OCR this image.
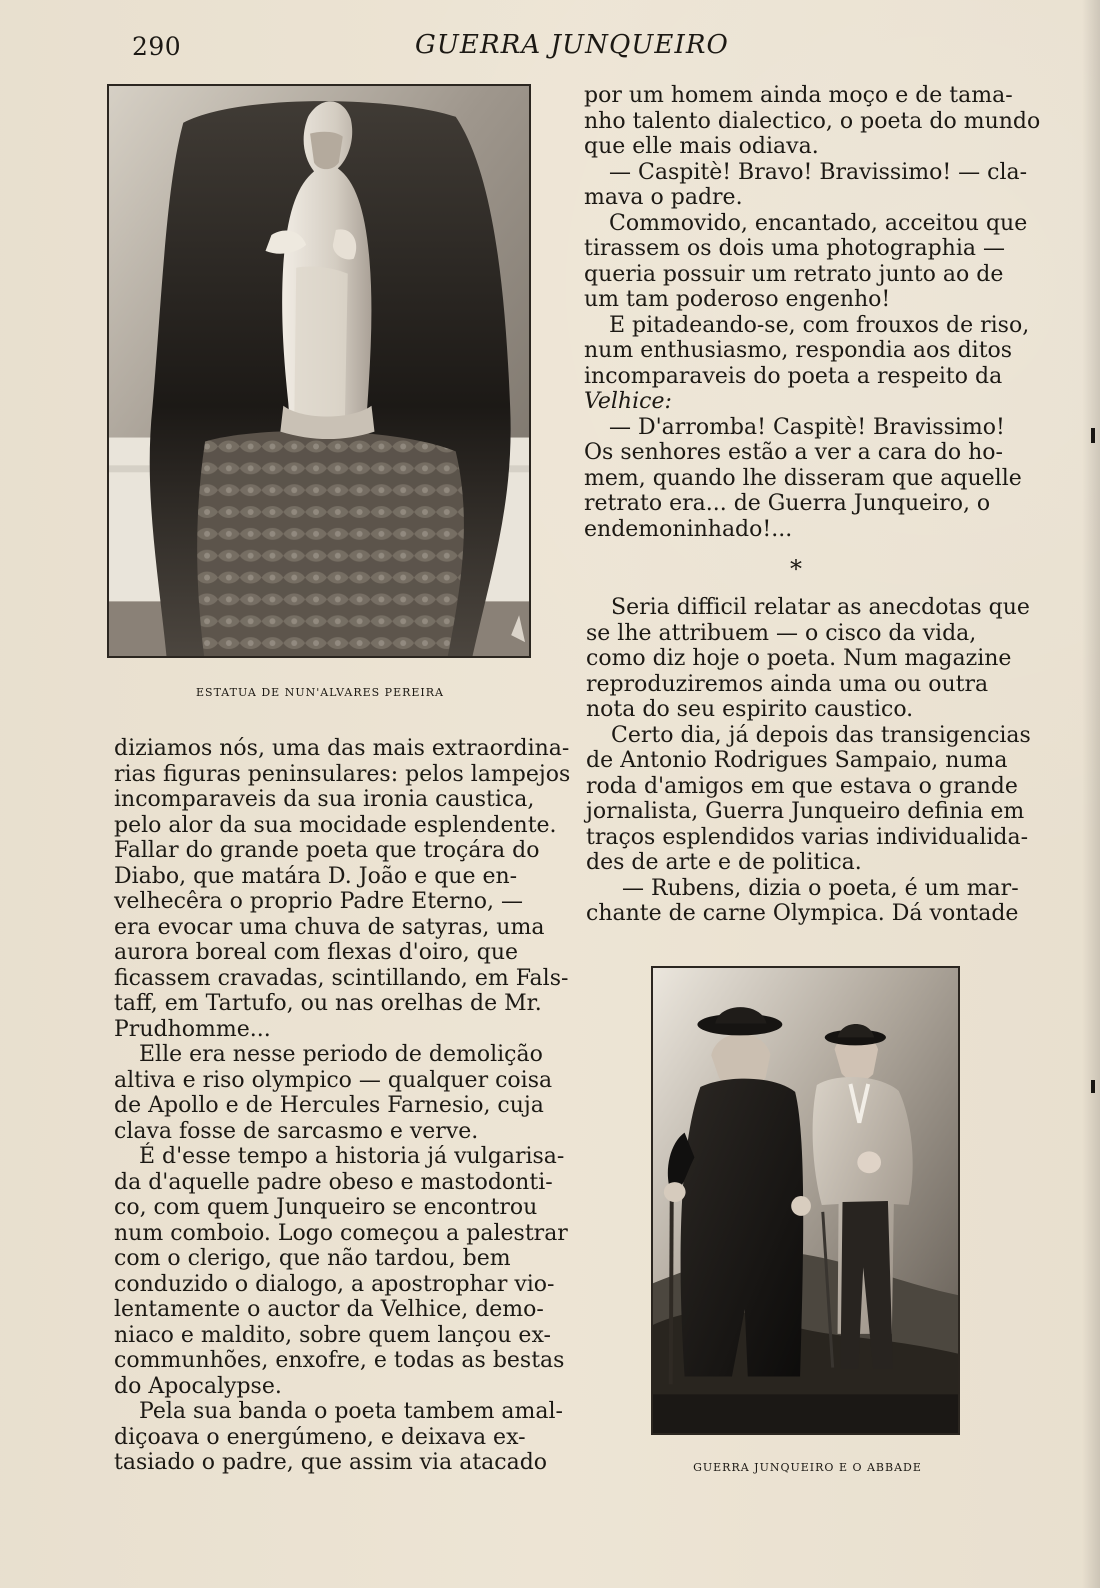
290	GUERRA JUNQUEIRO
ESTATUA DE NUN'ALVARES PEREIRA
GUERRA JUNQUEIRO E O ABBADE
diziamos nós, uma das mais extraordina-
rias figuras peninsulares: pelos lampejos
incomparaveis da sua ironia caustica,
pelo alor da sua mocidade esplendente.
Fallar do grande poeta que troçára do
Diabo, que matára D. João e que en-
velhecêra o proprio Padre Eterno, —
era evocar uma chuva de satyras, uma
aurora boreal com flexas d'oiro, que
ficassem cravadas, scintillando, em Fals-
taff, em Tartufo, ou nas orelhas de Mr.
Prudhomme...
Elle era nesse periodo de demolição
altiva e riso olympico — qualquer coisa
de Apollo e de Hercules Farnesio, cuja
clava fosse de sarcasmo e verve.
É d'esse tempo a historia já vulgarisa-
da d'aquelle padre obeso e mastodonti-
co, com quem Junqueiro se encontrou
num comboio. Logo começou a palestrar
com o clerigo, que não tardou, bem
conduzido o dialogo, a apostrophar vio-
lentamente o auctor da Velhice, demo-
niaco e maldito, sobre quem lançou ex-
communhões, enxofre, e todas as bestas
do Apocalypse.
Pela sua banda o poeta tambem amal-
diçoava o energúmeno, e deixava ex-
tasiado o padre, que assim via atacado
por um homem ainda moço e de tama-
nho talento dialectico, o poeta do mundo
que elle mais odiava.
— Caspitè! Bravo! Bravissimo! — cla-
mava o padre.
Commovido, encantado, acceitou que
tirassem os dois uma photographia —
queria possuir um retrato junto ao de
um tam poderoso engenho!
E pitadeando-se, com frouxos de riso,
num enthusiasmo, respondia aos ditos
incomparaveis do poeta a respeito da
Velhice:
— D'arromba! Caspitè! Bravissimo!
Os senhores estão a ver a cara do ho-
mem, quando lhe disseram que aquelle
retrato era... de Guerra Junqueiro, o
endemoninhado!...
*
Seria difficil relatar as anecdotas que
se lhe attribuem — o cisco da vida,
como diz hoje o poeta. Num magazine
reproduziremos ainda uma ou outra
nota do seu espirito caustico.
Certo dia, já depois das transigencias
de Antonio Rodrigues Sampaio, numa
roda d'amigos em que estava o grande
jornalista, Guerra Junqueiro definia em
traços esplendidos varias individualida-
des de arte e de politica.
— Rubens, dizia o poeta, é um mar-
chante de carne Olympica. Dá vontade
